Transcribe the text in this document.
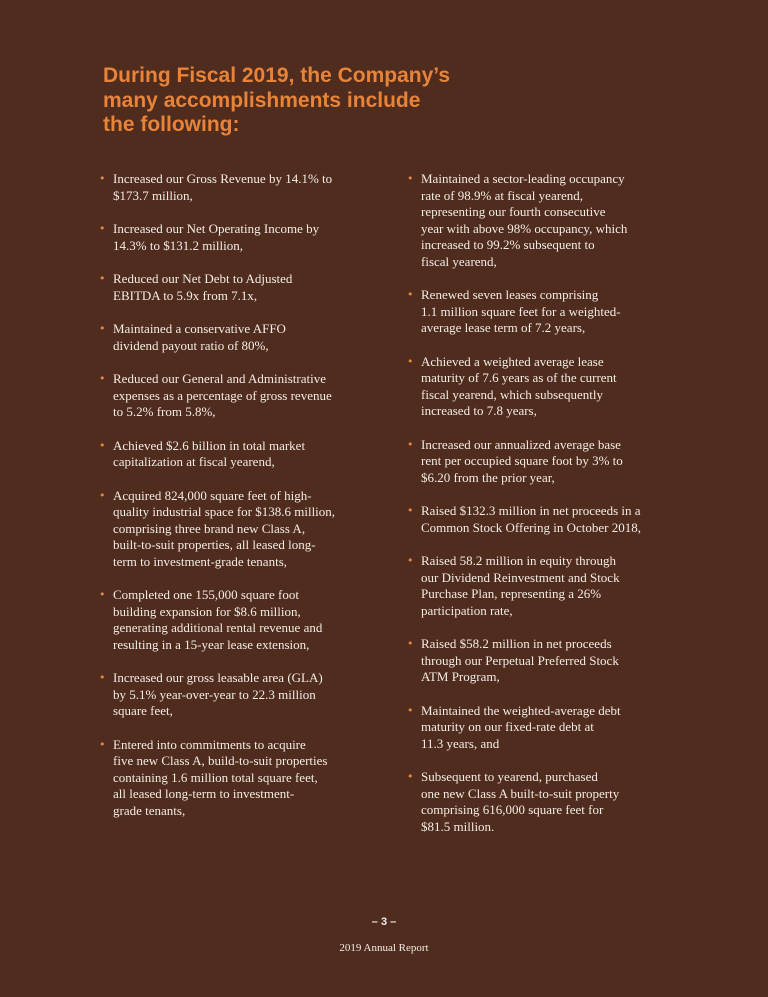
During Fiscal 2019, the Company’s
many accomplishments include
the following:
• Increased our Gross Revenue by 14.1% to
$173.7 million,
• Increased our Net Operating Income by
14.3% to $131.2 million,
• Reduced our Net Debt to Adjusted
EBITDA to 5.9x from 7.1x,
• Maintained a conservative AFFO
dividend payout ratio of 80%,
• Reduced our General and Administrative
expenses as a percentage of gross revenue
to 5.2% from 5.8%,
• Achieved $2.6 billion in total market
capitalization at fiscal yearend,
• Acquired 824,000 square feet of high-
quality industrial space for $138.6 million,
comprising three brand new Class A,
built-to-suit properties, all leased long-
term to investment-grade tenants,
• Completed one 155,000 square foot
building expansion for $8.6 million,
generating additional rental revenue and
resulting in a 15-year lease extension,
• Increased our gross leasable area (GLA)
by 5.1% year-over-year to 22.3 million
square feet,
• Entered into commitments to acquire
five new Class A, build-to-suit properties
containing 1.6 million total square feet,
all leased long-term to investment-
grade tenants,
• Maintained a sector-leading occupancy
rate of 98.9% at fiscal yearend,
representing our fourth consecutive
year with above 98% occupancy, which
increased to 99.2% subsequent to
fiscal yearend,
• Renewed seven leases comprising
1.1 million square feet for a weighted-
average lease term of 7.2 years,
• Achieved a weighted average lease
maturity of 7.6 years as of the current
fiscal yearend, which subsequently
increased to 7.8 years,
• Increased our annualized average base
rent per occupied square foot by 3% to
$6.20 from the prior year,
• Raised $132.3 million in net proceeds in a
Common Stock Offering in October 2018,
• Raised 58.2 million in equity through
our Dividend Reinvestment and Stock
Purchase Plan, representing a 26%
participation rate,
• Raised $58.2 million in net proceeds
through our Perpetual Preferred Stock
ATM Program,
• Maintained the weighted-average debt
maturity on our fixed-rate debt at
11.3 years, and
• Subsequent to yearend, purchased
one new Class A built-to-suit property
comprising 616,000 square feet for
$81.5 million.
– 3 –
2019 Annual Report
